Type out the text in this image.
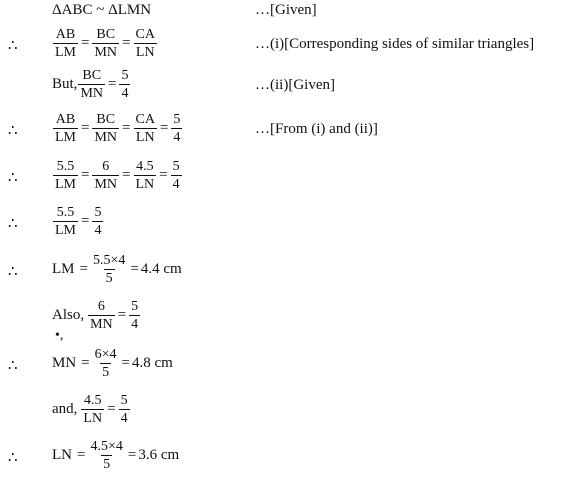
ΔABC ~ ΔLMN	…[Given]
∴	$\frac{AB}{LM} = \frac{BC}{MN} = \frac{CA}{LN}$	…(i)[Corresponding sides of similar triangles]
But, $\frac{BC}{MN} = \frac{5}{4}$	…(ii)[Given]
∴	$\frac{AB}{LM} = \frac{BC}{MN} = \frac{CA}{LN} = \frac{5}{4}$	…[From (i) and (ii)]
∴	$\frac{5.5}{LM} = \frac{6}{MN} = \frac{4.5}{LN} = \frac{5}{4}$
∴	$\frac{5.5}{LM} = \frac{5}{4}$
∴ LM = $\frac{5.5\times 4}{5} = 4.4$ cm
Also, $\frac{6}{MN} = \frac{5}{4}$
•,
∴ MN = $\frac{6\times 4}{5} = 4.8$ cm
and, $\frac{4.5}{LN} = \frac{5}{4}$
∴ LN = $\frac{4.5\times 4}{5} = 3.6$ cm
